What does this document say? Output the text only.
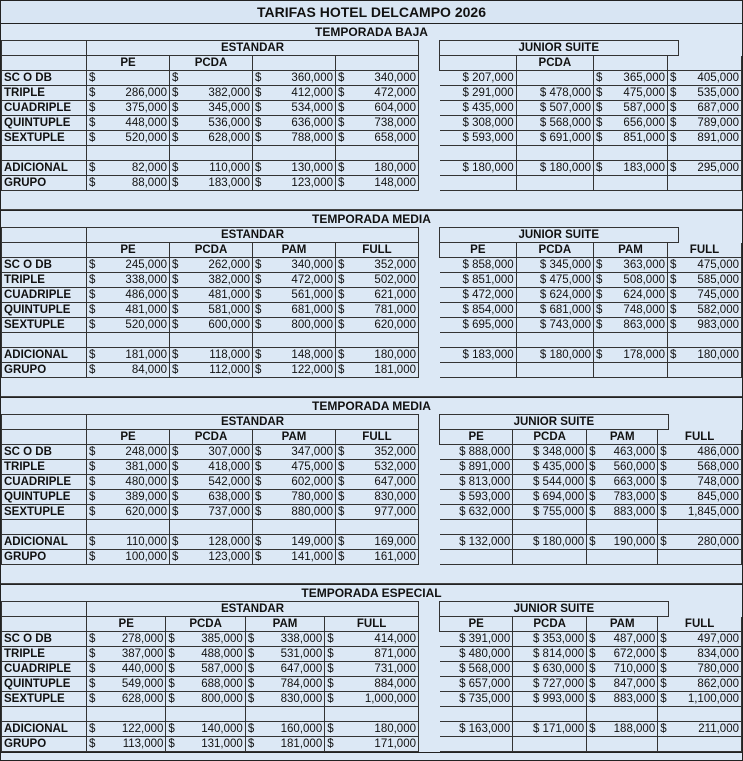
TARIFAS HOTEL DELCAMPO 2026
TEMPORADA BAJA
	ESTANDAR							
	PE		PCDA					
SC O DB	$		$		$	360,000	$	340,000
TRIPLE	$	286,000	$	382,000	$	412,000	$	472,000
CUADRIPLE	$	375,000	$	345,000	$	534,000	$	604,000
QUINTUPLE	$	448,000	$	536,000	$	636,000	$	738,000
SEXTUPLE	$	520,000	$	628,000	$	788,000	$	658,000

ADICIONAL	$	82,000	$	110,000	$	130,000	$	180,000
GRUPO	$	88,000	$	183,000	$	123,000	$	148,000
JUNIOR SUITE					
	PCDA				
$ 207,000		$	365,000	$	405,000
$ 291,000	$ 478,000	$	475,000	$	535,000
$ 435,000	$ 507,000	$	587,000	$	687,000
$ 308,000	$ 568,000	$	656,000	$	789,000
$ 593,000	$ 691,000	$	851,000	$	891,000

$ 180,000	$ 180,000	$	183,000	$	295,000

TEMPORADA MEDIA
	ESTANDAR							
	PE		PCDA		PAM		FULL	
SC O DB	$	245,000	$	262,000	$	340,000	$	352,000
TRIPLE	$	338,000	$	382,000	$	472,000	$	502,000
CUADRIPLE	$	486,000	$	481,000	$	561,000	$	621,000
QUINTUPLE	$	481,000	$	581,000	$	681,000	$	781,000
SEXTUPLE	$	520,000	$	600,000	$	800,000	$	620,000

ADICIONAL	$	181,000	$	118,000	$	148,000	$	180,000
GRUPO	$	84,000	$	112,000	$	122,000	$	181,000
JUNIOR SUITE					
PE	PCDA	PAM		FULL	
$ 858,000	$ 345,000	$	363,000	$	475,000
$ 851,000	$ 475,000	$	508,000	$	585,000
$ 472,000	$ 624,000	$	624,000	$	745,000
$ 854,000	$ 681,000	$	748,000	$	582,000
$ 695,000	$ 743,000	$	863,000	$	983,000

$ 183,000	$ 180,000	$	178,000	$	180,000

TEMPORADA MEDIA
	ESTANDAR							
	PE		PCDA		PAM		FULL	
SC O DB	$	248,000	$	307,000	$	347,000	$	352,000
TRIPLE	$	381,000	$	418,000	$	475,000	$	532,000
CUADRIPLE	$	480,000	$	542,000	$	602,000	$	647,000
QUINTUPLE	$	389,000	$	638,000	$	780,000	$	830,000
SEXTUPLE	$	620,000	$	737,000	$	880,000	$	977,000

ADICIONAL	$	110,000	$	128,000	$	149,000	$	169,000
GRUPO	$	100,000	$	123,000	$	141,000	$	161,000
JUNIOR SUITE					
PE	PCDA	PAM		FULL	
$ 888,000	$ 348,000	$	463,000	$	486,000
$ 891,000	$ 435,000	$	560,000	$	568,000
$ 813,000	$ 544,000	$	663,000	$	748,000
$ 593,000	$ 694,000	$	783,000	$	845,000
$ 632,000	$ 755,000	$	883,000	$	1,845,000

$ 132,000	$ 180,000	$	190,000	$	280,000

TEMPORADA ESPECIAL
	ESTANDAR							
	PE		PCDA		PAM		FULL	
SC O DB	$	278,000	$	385,000	$	338,000	$	414,000
TRIPLE	$	387,000	$	488,000	$	531,000	$	871,000
CUADRIPLE	$	440,000	$	587,000	$	647,000	$	731,000
QUINTUPLE	$	549,000	$	688,000	$	784,000	$	884,000
SEXTUPLE	$	628,000	$	800,000	$	830,000	$	1,000,000

ADICIONAL	$	122,000	$	140,000	$	160,000	$	180,000
GRUPO	$	113,000	$	131,000	$	181,000	$	171,000
JUNIOR SUITE					
PE	PCDA	PAM		FULL	
$ 391,000	$ 353,000	$	487,000	$	497,000
$ 480,000	$ 814,000	$	672,000	$	834,000
$ 568,000	$ 630,000	$	710,000	$	780,000
$ 657,000	$ 727,000	$	847,000	$	862,000
$ 735,000	$ 993,000	$	883,000	$	1,100,000

$ 163,000	$ 171,000	$	188,000	$	211,000
